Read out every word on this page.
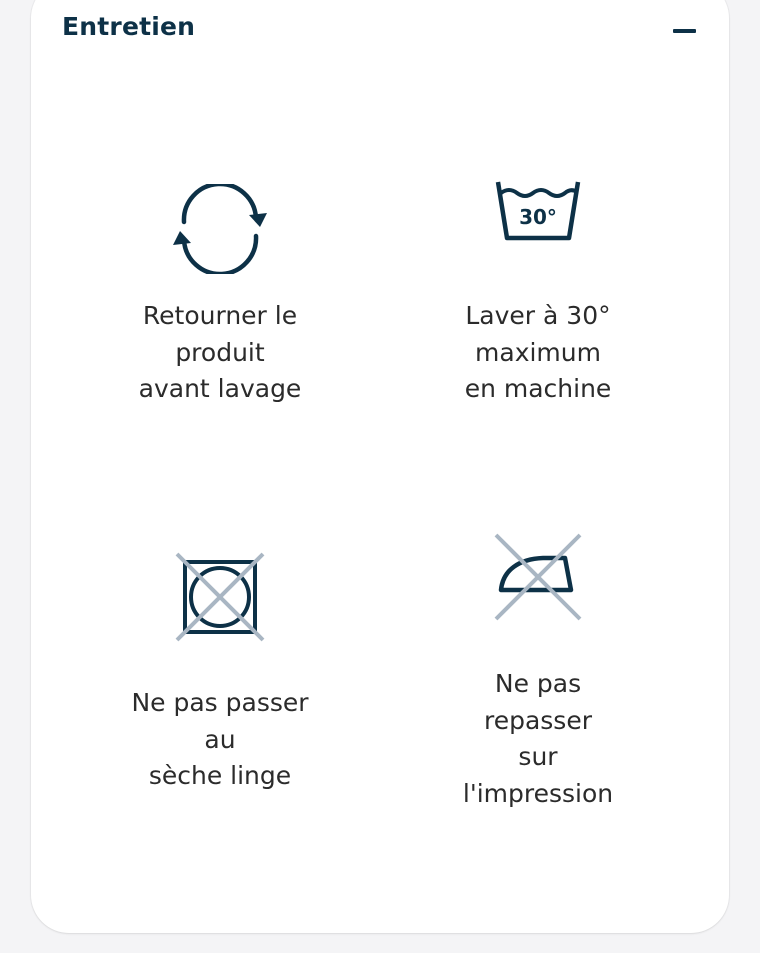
Entretien
Retourner le
produit
avant lavage
30°
Laver à 30°
maximum
en machine
Ne pas passer
au
sèche linge
Ne pas
repasser
sur
l'impression
